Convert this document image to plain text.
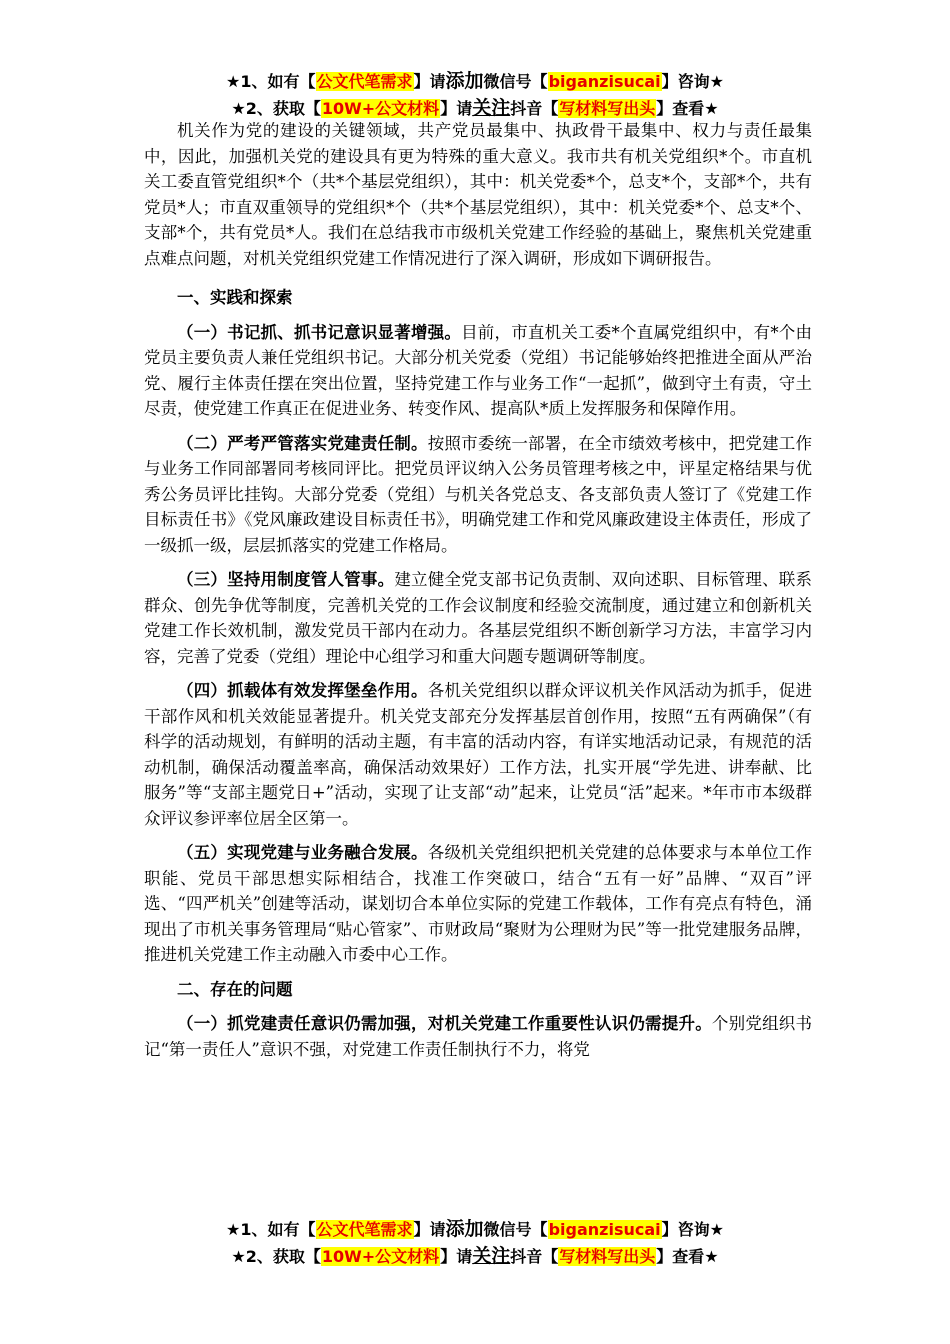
★1、如有【公文代笔需求】请添加微信号【biganzisucai】咨询★
★2、获取【10W+公文材料】请关注抖音【写材料写出头】查看★

机关作为党的建设的关键领域，共产党员最集中、执政骨干最集中、权力与责任最集中，因此，加强机关党的建设具有更为特殊的重大意义。我市共有机关党组织*个。市直机关工委直管党组织*个（共*个基层党组织），其中：机关党委*个，总支*个，支部*个，共有党员*人；市直双重领导的党组织*个（共*个基层党组织），其中：机关党委*个、总支*个、支部*个，共有党员*人。我们在总结我市市级机关党建工作经验的基础上，聚焦机关党建重点难点问题，对机关党组织党建工作情况进行了深入调研，形成如下调研报告。

一、实践和探索

（一）书记抓、抓书记意识显著增强。目前，市直机关工委*个直属党组织中，有*个由党员主要负责人兼任党组织书记。大部分机关党委（党组）书记能够始终把推进全面从严治党、履行主体责任摆在突出位置，坚持党建工作与业务工作“一起抓”，做到守土有责，守土尽责，使党建工作真正在促进业务、转变作风、提高队*质上发挥服务和保障作用。

（二）严考严管落实党建责任制。按照市委统一部署，在全市绩效考核中，把党建工作与业务工作同部署同考核同评比。把党员评议纳入公务员管理考核之中，评星定格结果与优秀公务员评比挂钩。大部分党委（党组）与机关各党总支、各支部负责人签订了《党建工作目标责任书》《党风廉政建设目标责任书》，明确党建工作和党风廉政建设主体责任，形成了一级抓一级，层层抓落实的党建工作格局。

（三）坚持用制度管人管事。建立健全党支部书记负责制、双向述职、目标管理、联系群众、创先争优等制度，完善机关党的工作会议制度和经验交流制度，通过建立和创新机关党建工作长效机制，激发党员干部内在动力。各基层党组织不断创新学习方法，丰富学习内容，完善了党委（党组）理论中心组学习和重大问题专题调研等制度。

（四）抓载体有效发挥堡垒作用。各机关党组织以群众评议机关作风活动为抓手，促进干部作风和机关效能显著提升。机关党支部充分发挥基层首创作用，按照“五有两确保”（有科学的活动规划，有鲜明的活动主题，有丰富的活动内容，有详实地活动记录，有规范的活动机制，确保活动覆盖率高，确保活动效果好）工作方法，扎实开展“学先进、讲奉献、比服务”等“支部主题党日+”活动，实现了让支部“动”起来，让党员“活”起来。*年市市本级群众评议参评率位居全区第一。

（五）实现党建与业务融合发展。各级机关党组织把机关党建的总体要求与本单位工作职能、党员干部思想实际相结合，找准工作突破口，结合“五有一好”品牌、“双百”评选、“四严机关”创建等活动，谋划切合本单位实际的党建工作载体，工作有亮点有特色，涌现出了市机关事务管理局“贴心管家”、市财政局“聚财为公理财为民”等一批党建服务品牌，推进机关党建工作主动融入市委中心工作。

二、存在的问题

（一）抓党建责任意识仍需加强，对机关党建工作重要性认识仍需提升。个别党组织书记“第一责任人”意识不强，对党建工作责任制执行不力，将党

★1、如有【公文代笔需求】请添加微信号【biganzisucai】咨询★
★2、获取【10W+公文材料】请关注抖音【写材料写出头】查看★
